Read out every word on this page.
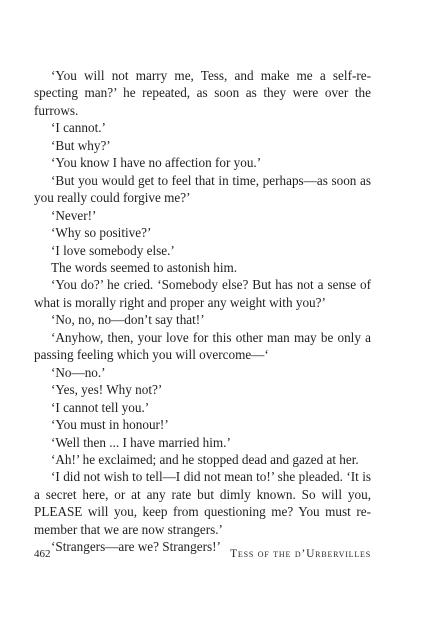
‘You will not marry me, Tess, and make me a self-respecting man?’ he repeated, as soon as they were over the furrows.

‘I cannot.’

‘But why?’

‘You know I have no affection for you.’

‘But you would get to feel that in time, perhaps—as soon as you really could forgive me?’

‘Never!’

‘Why so positive?’

‘I love somebody else.’

The words seemed to astonish him.

‘You do?’ he cried. ‘Somebody else? But has not a sense of what is morally right and proper any weight with you?’

‘No, no, no—don’t say that!’

‘Anyhow, then, your love for this other man may be only a passing feeling which you will overcome—‘

‘No—no.’

‘Yes, yes! Why not?’

‘I cannot tell you.’

‘You must in honour!’

‘Well then ... I have married him.’

‘Ah!’ he exclaimed; and he stopped dead and gazed at her.

‘I did not wish to tell—I did not mean to!’ she pleaded. ‘It is a secret here, or at any rate but dimly known. So will you, PLEASE will you, keep from questioning me? You must remember that we are now strangers.’

‘Strangers—are we? Strangers!’

462	Tess of the d’Urbervilles
